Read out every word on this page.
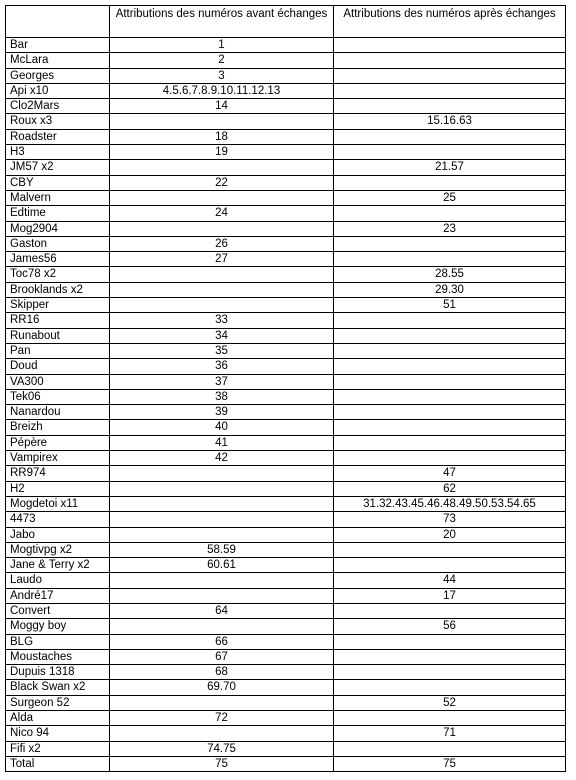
	Attributions des numéros avant échanges	Attributions des numéros après échanges
Bar	1	
McLara	2	
Georges	3	
Api x10	4.5.6.7.8.9.10.11.12.13	
Clo2Mars	14	
Roux x3		15.16.63
Roadster	18	
H3	19	
JM57 x2		21.57
CBY	22	
Malvern		25
Edtime	24	
Mog2904		23
Gaston	26	
James56	27	
Toc78 x2		28.55
Brooklands x2		29.30
Skipper		51
RR16	33	
Runabout	34	
Pan	35	
Doud	36	
VA300	37	
Tek06	38	
Nanardou	39	
Breizh	40	
Pépère	41	
Vampirex	42	
RR974		47
H2		62
Mogdetoi x11		31.32.43.45.46.48.49.50.53.54.65
4473		73
Jabo		20
Mogtivpg x2	58.59	
Jane & Terry x2	60.61	
Laudo		44
André17		17
Convert	64	
Moggy boy		56
BLG	66	
Moustaches	67	
Dupuis 1318	68	
Black Swan x2	69.70	
Surgeon 52		52
Alda	72	
Nico 94		71
Fifi x2	74.75	
Total	75	75
